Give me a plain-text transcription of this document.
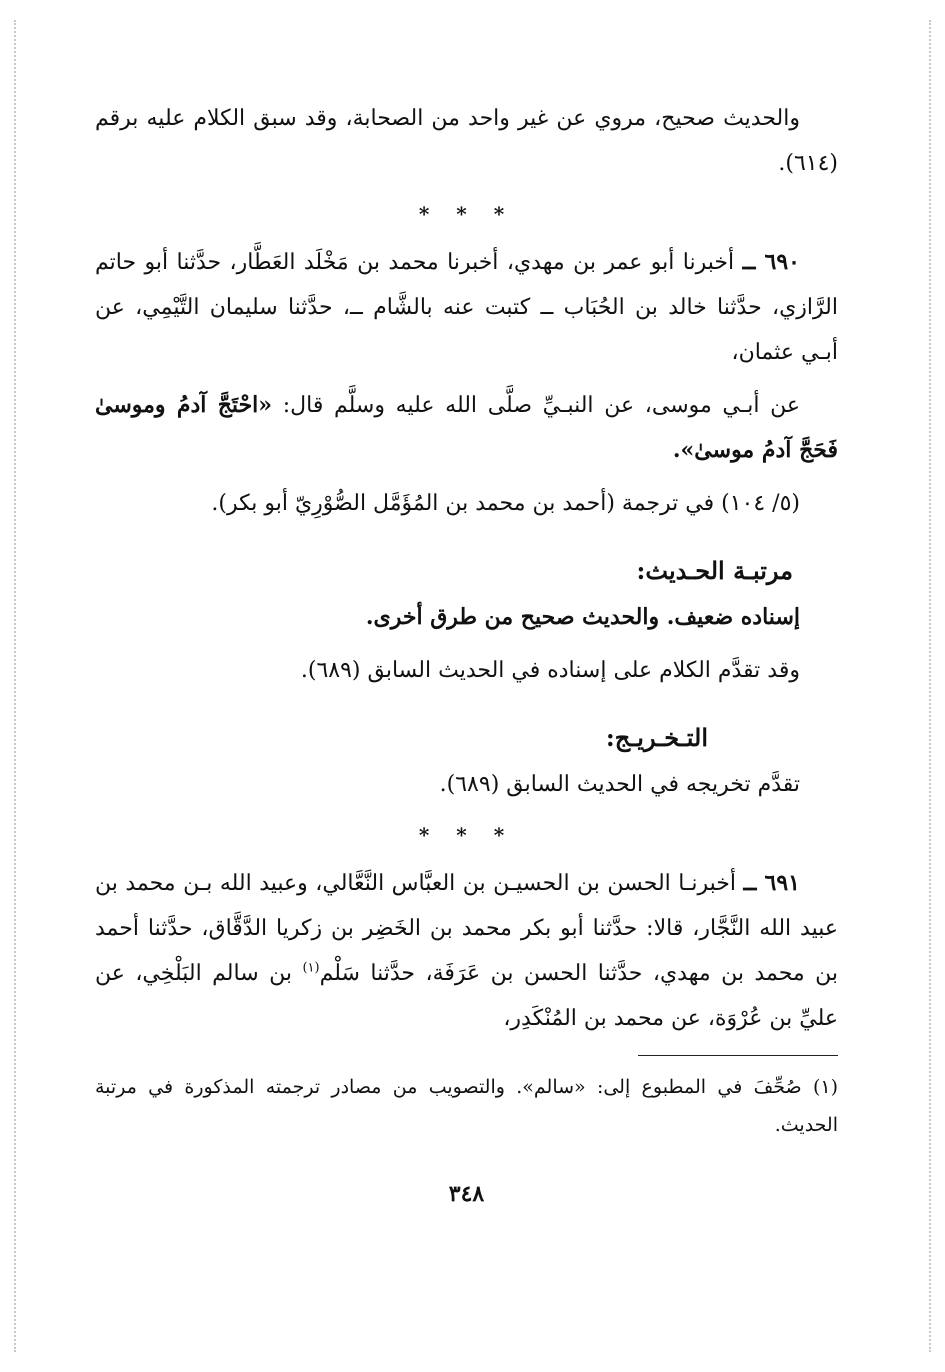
والحديث صحيح، مروي عن غير واحد من الصحابة، وقد سبق الكلام عليه برقم (٦١٤).

* * *

٦٩٠ ــ أخبرنا أبو عمر بن مهدي، أخبرنا محمد بن مَخْلَد العَطَّار، حدَّثنا أبو حاتم الرَّازي، حدَّثنا خالد بن الحُبَاب ــ كتبت عنه بالشَّام ــ، حدَّثنا سليمان التَّيْمِي، عن أبـي عثمان،

عن أبـي موسى، عن النبـيِّ صلَّى الله عليه وسلَّم قال: «احْتَجَّ آدمُ وموسىٰ فَحَجَّ آدمُ موسىٰ».

(٥/ ١٠٤) في ترجمة (أحمد بن محمد بن المُؤَمَّل الصُّوْرِيّ أبو بكر).

مرتبـة الحـديث:

إسناده ضعيف. والحديث صحيح من طرق أخرى.

وقد تقدَّم الكلام على إسناده في الحديث السابق (٦٨٩).

التـخـريـج:

تقدَّم تخريجه في الحديث السابق (٦٨٩).

* * *

٦٩١ ــ أخبرنـا الحسن بن الحسيـن بن العبَّاس النَّعَّالي، وعبيد الله بـن محمد بن عبيد الله النَّجَّار، قالا: حدَّثنا أبو بكر محمد بن الخَضِر بن زكريا الدَّقَّاق، حدَّثنا أحمد بن محمد بن مهدي، حدَّثنا الحسن بن عَرَفَة، حدَّثنا سَلْم$^{(١)}$ بن سالم البَلْخِي، عن عليِّ بن عُرْوَة، عن محمد بن المُنْكَدِر،

(١) صُحِّفَ في المطبوع إلى: «سالم». والتصويب من مصادر ترجمته المذكورة في مرتبة الحديث.

٣٤٨
